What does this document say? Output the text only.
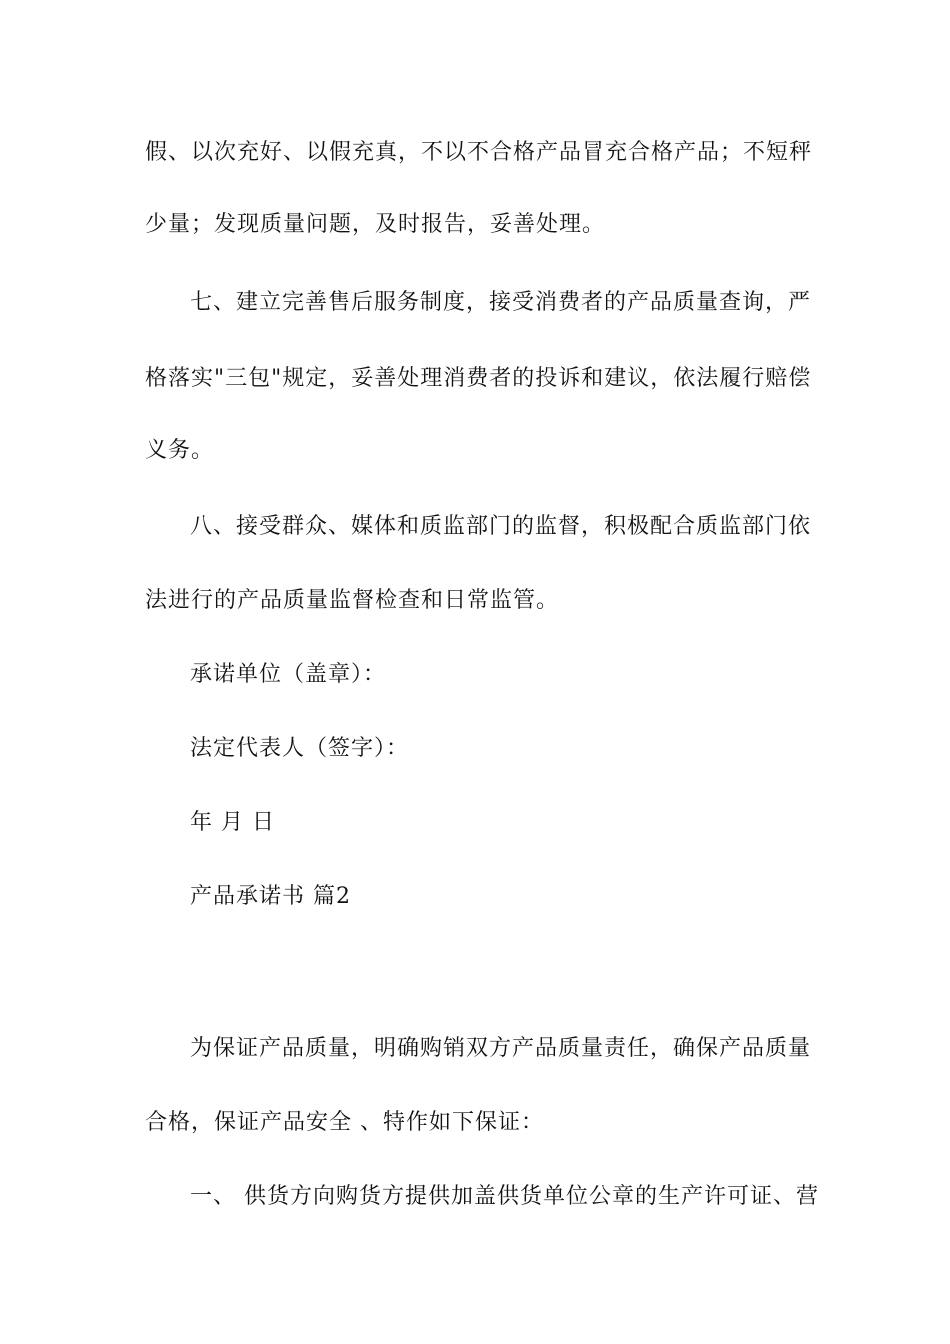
假、以次充好、以假充真，不以不合格产品冒充合格产品；不短秤
少量；发现质量问题，及时报告，妥善处理。
七、建立完善售后服务制度，接受消费者的产品质量查询，严
格落实"三包"规定，妥善处理消费者的投诉和建议，依法履行赔偿
义务。
八、接受群众、媒体和质监部门的监督，积极配合质监部门依
法进行的产品质量监督检查和日常监管。
承诺单位（盖章）：
法定代表人（签字）：
年 月 日
产品承诺书 篇2
为保证产品质量，明确购销双方产品质量责任，确保产品质量
合格，保证产品安全 、特作如下保证：
一、 供货方向购货方提供加盖供货单位公章的生产许可证、营
